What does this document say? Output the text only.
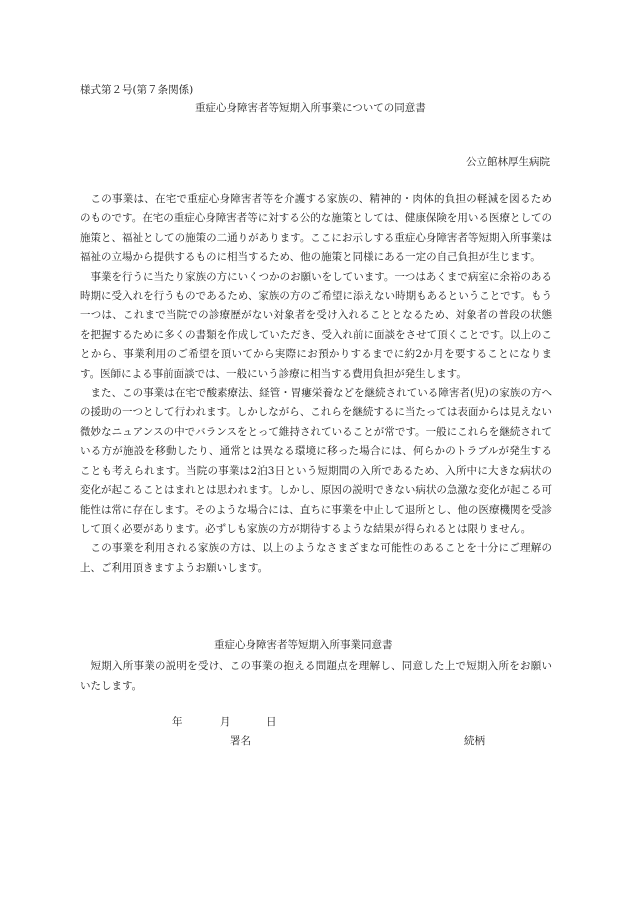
様式第２号(第７条関係)
重症心身障害者等短期入所事業についての同意書
公立館林厚生病院

この事業は、在宅で重症心身障害者等を介護する家族の、精神的・肉体的負担の軽減を図るためのものです。在宅の重症心身障害者等に対する公的な施策としては、健康保険を用いる医療としての施策と、福祉としての施策の二通りがあります。ここにお示しする重症心身障害者等短期入所事業は福祉の立場から提供するものに相当するため、他の施策と同様にある一定の自己負担が生じます。

事業を行うに当たり家族の方にいくつかのお願いをしています。一つはあくまで病室に余裕のある時期に受入れを行うものであるため、家族の方のご希望に添えない時期もあるということです。もう一つは、これまで当院での診療歴がない対象者を受け入れることとなるため、対象者の普段の状態を把握するために多くの書類を作成していただき、受入れ前に面談をさせて頂くことです。以上のことから、事業利用のご希望を頂いてから実際にお預かりするまでに約2か月を要することになります。医師による事前面談では、一般にいう診療に相当する費用負担が発生します。

また、この事業は在宅で酸素療法、経管・胃瘻栄養などを継続されている障害者(児)の家族の方への援助の一つとして行われます。しかしながら、これらを継続するに当たっては表面からは見えない微妙なニュアンスの中でバランスをとって維持されていることが常です。一般にこれらを継続されている方が施設を移動したり、通常とは異なる環境に移った場合には、何らかのトラブルが発生することも考えられます。当院の事業は2泊3日という短期間の入所であるため、入所中に大きな病状の変化が起こることはまれとは思われます。しかし、原因の説明できない病状の急激な変化が起こる可能性は常に存在します。そのような場合には、直ちに事業を中止して退所とし、他の医療機関を受診して頂く必要があります。必ずしも家族の方が期待するような結果が得られるとは限りません。

この事業を利用される家族の方は、以上のようなさまざまな可能性のあることを十分にご理解の上、ご利用頂きますようお願いします。

重症心身障害者等短期入所事業同意書

短期入所事業の説明を受け、この事業の抱える問題点を理解し、同意した上で短期入所をお願いいたします。

年	月	日
署名	続柄
